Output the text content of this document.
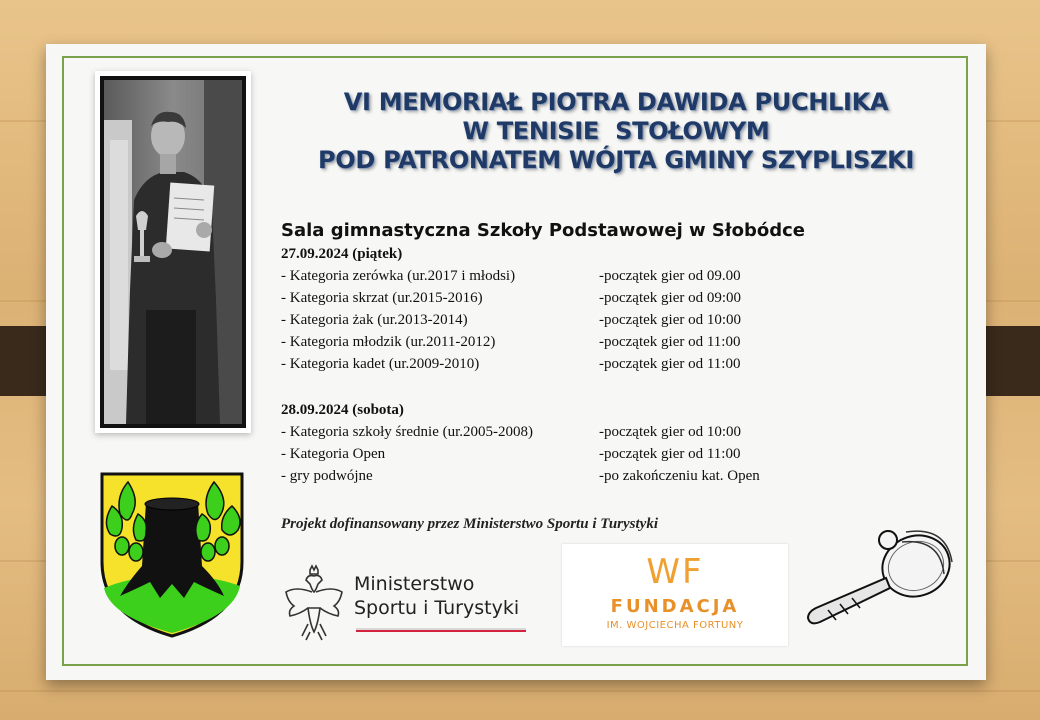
VI MEMORIAŁ PIOTRA DAWIDA PUCHLIKA
W TENISIE  STOŁOWYM
POD PATRONATEM WÓJTA GMINY SZYPLISZKI
Sala gimnastyczna Szkoły Podstawowej w Słobódce
27.09.2024 (piątek)
- Kategoria zerówka (ur.2017 i młodsi)	-początek gier od 09.00
- Kategoria skrzat (ur.2015-2016)	-początek gier od 09:00
- Kategoria żak (ur.2013-2014)	-początek gier od 10:00
- Kategoria młodzik (ur.2011-2012)	-początek gier od 11:00
- Kategoria kadet (ur.2009-2010)	-początek gier od 11:00
28.09.2024 (sobota)
- Kategoria szkoły średnie (ur.2005-2008)	-początek gier od 10:00
- Kategoria Open	-początek gier od 11:00
- gry podwójne	-po zakończeniu kat. Open
Projekt dofinansowany przez Ministerstwo Sportu i Turystyki
Ministerstwo
Sportu i Turystyki
WF
FUNDACJA
IM. WOJCIECHA FORTUNY
